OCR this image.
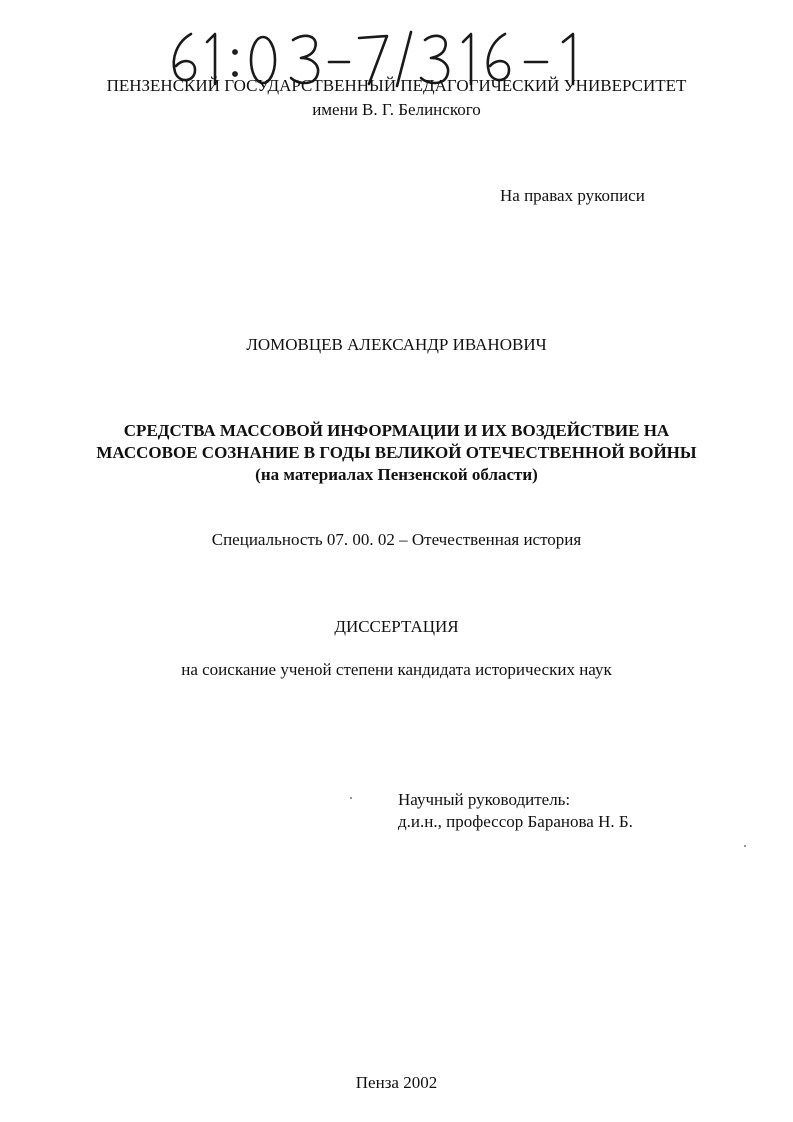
ПЕНЗЕНСКИЙ ГОСУДАРСТВЕННЫЙ ПЕДАГОГИЧЕСКИЙ УНИВЕРСИТЕТ
имени В. Г. Белинского
На правах рукописи
ЛОМОВЦЕВ АЛЕКСАНДР ИВАНОВИЧ
СРЕДСТВА МАССОВОЙ ИНФОРМАЦИИ И ИХ ВОЗДЕЙСТВИЕ НА
МАССОВОЕ СОЗНАНИЕ В ГОДЫ ВЕЛИКОЙ ОТЕЧЕСТВЕННОЙ ВОЙНЫ
(на материалах Пензенской области)
Специальность 07. 00. 02 – Отечественная история
ДИССЕРТАЦИЯ
на соискание ученой степени кандидата исторических наук
Научный руководитель:
д.и.н., профессор Баранова Н. Б.
Пенза 2002
